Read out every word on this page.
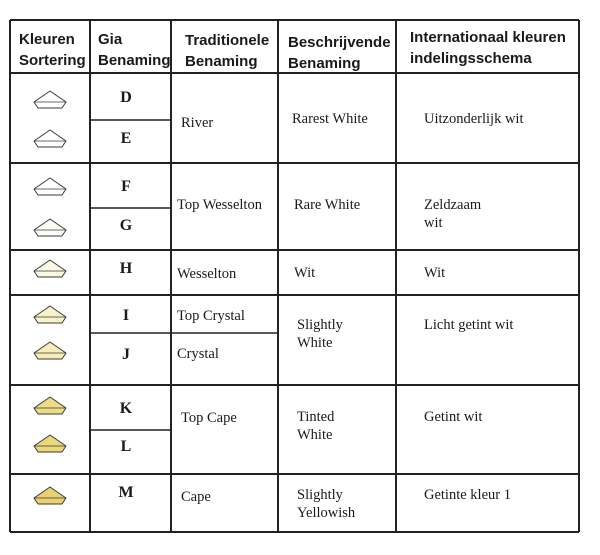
Kleuren
Sortering
Gia
Benaming
Traditionele
Benaming
Beschrijvende
Benaming
Internationaal kleuren
indelingsschema
D
E
F
G
H
I
J
K
L
M
River
Top Wesselton
Wesselton
Top Crystal
Crystal
Top Cape
Cape
Rarest White
Rare White
Wit
Slightly
White
Tinted
White
Slightly
Yellowish
Uitzonderlijk wit
Zeldzaam
wit
Wit
Licht getint wit
Getint wit
Getinte kleur 1
